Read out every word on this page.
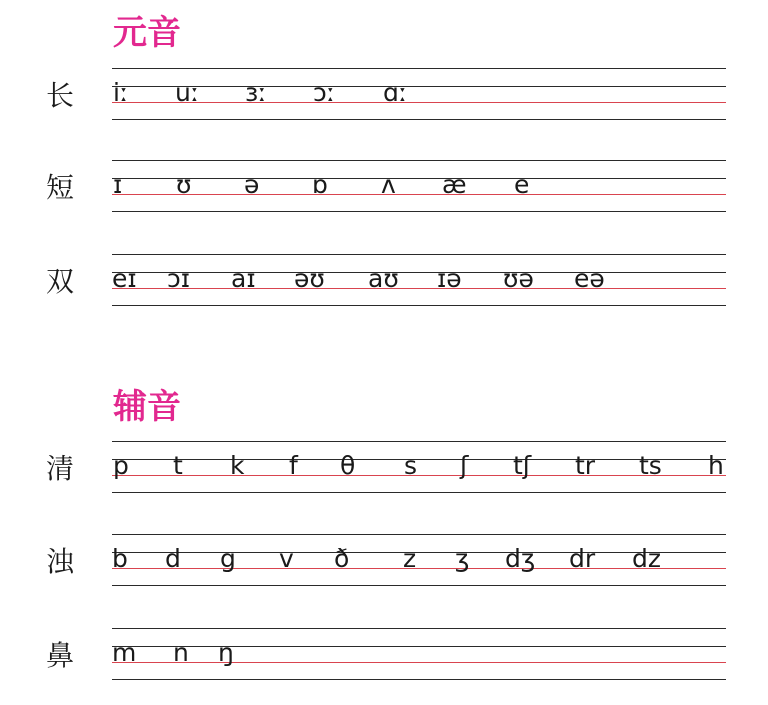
元音
长 iː uː ɜː ɔː ɑː
短 ɪ ʊ ə ɒ ʌ æ e
双 eɪ ɔɪ aɪ əʊ aʊ ɪə ʊə eə
辅音
清 p t k f θ s ʃ tʃ tr ts h
浊 b d g v ð z ʒ dʒ dr dz
鼻 m n ŋ
